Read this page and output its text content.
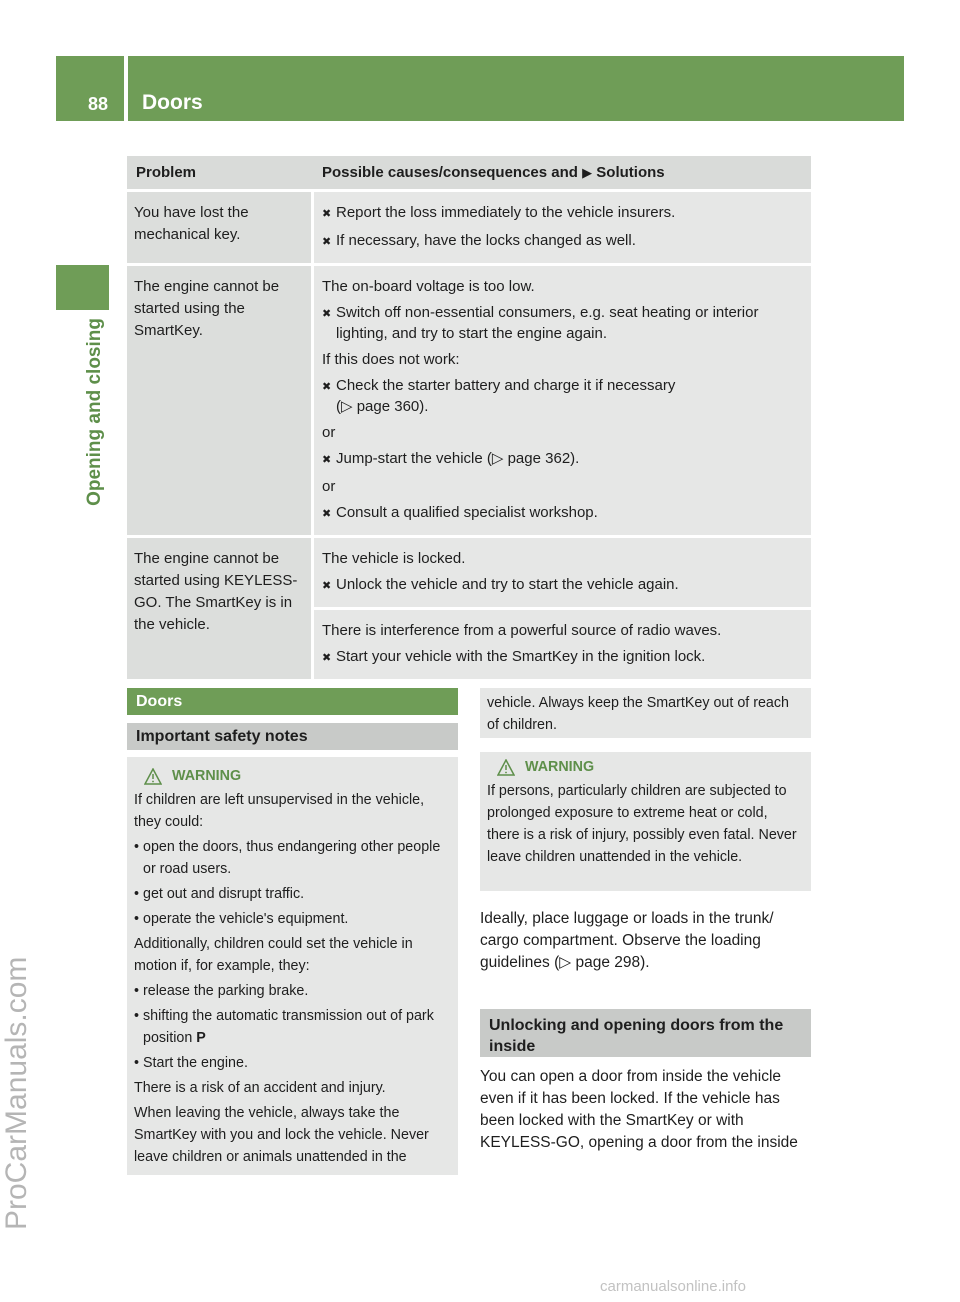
88 Doors
Opening and closing
ProCarManuals.com
carmanualsonline.info
Problem	Possible causes/consequences and ▶ Solutions
You have lost the mechanical key.
✖ Report the loss immediately to the vehicle insurers.
✖ If necessary, have the locks changed as well.
The engine cannot be started using the SmartKey.
The on-board voltage is too low.
✖ Switch off non-essential consumers, e.g. seat heating or interior lighting, and try to start the engine again.
If this does not work:
✖ Check the starter battery and charge it if necessary
(▷ page 360).
or
✖ Jump-start the vehicle (▷ page 362).
or
✖ Consult a qualified specialist workshop.
The engine cannot be started using KEYLESS-GO. The SmartKey is in the vehicle.
The vehicle is locked.
✖ Unlock the vehicle and try to start the vehicle again.
There is interference from a powerful source of radio waves.
✖ Start your vehicle with the SmartKey in the ignition lock.
Doors
Important safety notes
WARNING
If children are left unsupervised in the vehicle, they could:
• open the doors, thus endangering other people or road users.
• get out and disrupt traffic.
• operate the vehicle's equipment.
Additionally, children could set the vehicle in motion if, for example, they:
• release the parking brake.
• shifting the automatic transmission out of park position P
• Start the engine.
There is a risk of an accident and injury.
When leaving the vehicle, always take the SmartKey with you and lock the vehicle. Never leave children or animals unattended in the
vehicle. Always keep the SmartKey out of reach of children.
WARNING
If persons, particularly children are subjected to prolonged exposure to extreme heat or cold, there is a risk of injury, possibly even fatal. Never leave children unattended in the vehicle.
Ideally, place luggage or loads in the trunk/ cargo compartment. Observe the loading guidelines (▷ page 298).
Unlocking and opening doors from the inside
You can open a door from inside the vehicle even if it has been locked. If the vehicle has been locked with the SmartKey or with KEYLESS-GO, opening a door from the inside
